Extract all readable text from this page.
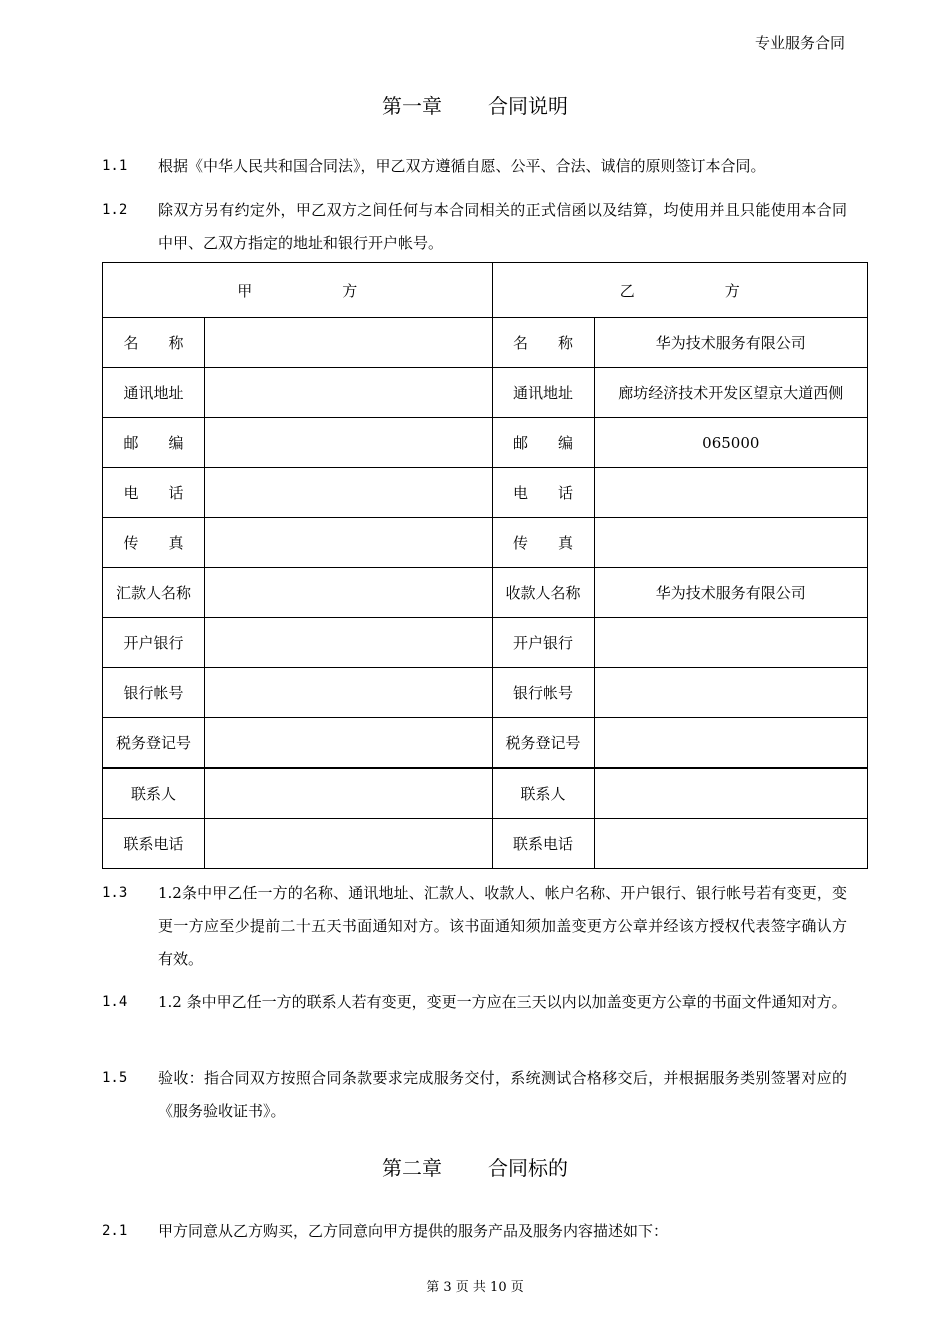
专业服务合同
第一章 合同说明
1.1 根据《中华人民共和国合同法》，甲乙双方遵循自愿、公平、合法、诚信的原则签订本合同。
1.2 除双方另有约定外，甲乙双方之间任何与本合同相关的正式信函以及结算，均使用并且只能使用本合同中甲、乙双方指定的地址和银行开户帐号。
甲　　　　　　方		乙　　　　　　方	
名　　称		名　　称	华为技术服务有限公司
通讯地址		通讯地址	廊坊经济技术开发区望京大道西侧
邮　　编		邮　　编	065000
电　　话		电　　话	
传　　真		传　　真	
汇款人名称		收款人名称	华为技术服务有限公司
开户银行		开户银行	
银行帐号		银行帐号	
税务登记号		税务登记号	
联系人		联系人	
联系电话		联系电话	
1.3 1.2条中甲乙任一方的名称、通讯地址、汇款人、收款人、帐户名称、开户银行、银行帐号若有变更，变更一方应至少提前二十五天书面通知对方。该书面通知须加盖变更方公章并经该方授权代表签字确认方有效。
1.4 1.2 条中甲乙任一方的联系人若有变更，变更一方应在三天以内以加盖变更方公章的书面文件通知对方。
1.5 验收：指合同双方按照合同条款要求完成服务交付，系统测试合格移交后，并根据服务类别签署对应的《服务验收证书》。
第二章 合同标的
2.1 甲方同意从乙方购买，乙方同意向甲方提供的服务产品及服务内容描述如下：
第 3 页 共 10 页
